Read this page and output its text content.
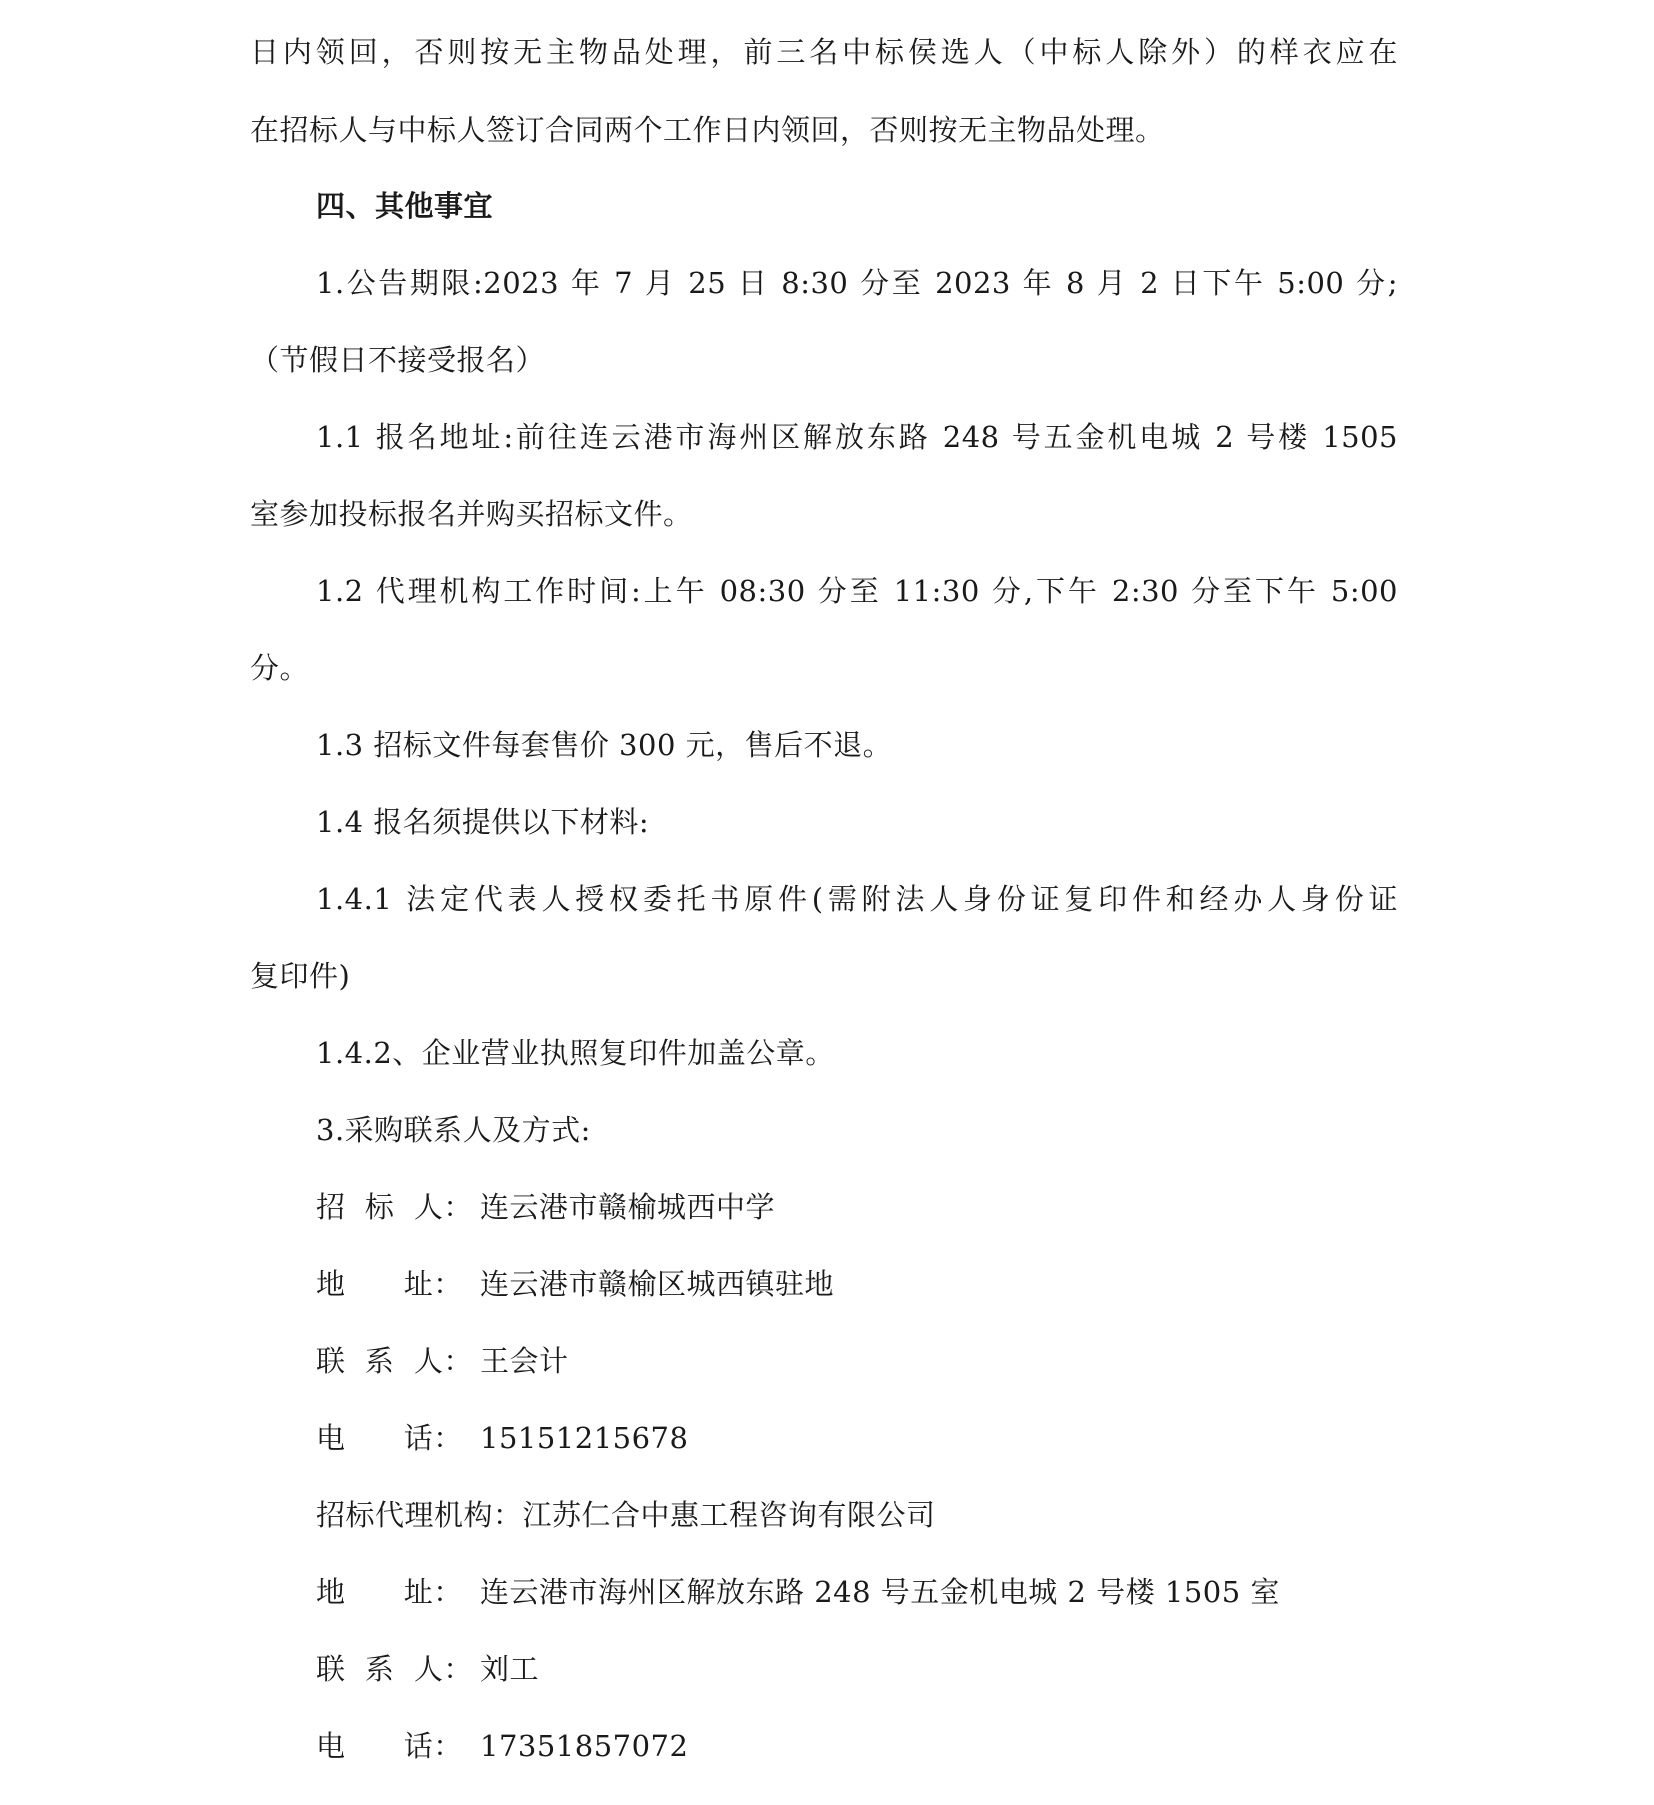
日内领回，否则按无主物品处理，前三名中标侯选人（中标人除外）的样衣应在
在招标人与中标人签订合同两个工作日内领回，否则按无主物品处理。
四、其他事宜
1.公告期限:2023 年 7 月 25 日 8:30 分至 2023 年 8 月 2 日下午 5:00 分;
（节假日不接受报名）
1.1 报名地址:前往连云港市海州区解放东路 248 号五金机电城 2 号楼 1505
室参加投标报名并购买招标文件。
1.2 代理机构工作时间:上午 08:30 分至 11:30 分,下午 2:30 分至下午 5:00
分。
1.3 招标文件每套售价 300 元，售后不退。
1.4 报名须提供以下材料:
1.4.1 法定代表人授权委托书原件(需附法人身份证复印件和经办人身份证
复印件)
1.4.2、企业营业执照复印件加盖公章。
3.采购联系人及方式:
招  标  人： 连云港市赣榆城西中学
地      址： 连云港市赣榆区城西镇驻地
联  系  人： 王会计
电      话： 15151215678
招标代理机构：江苏仁合中惠工程咨询有限公司
地      址： 连云港市海州区解放东路 248 号五金机电城 2 号楼 1505 室
联  系  人： 刘工
电      话： 17351857072
